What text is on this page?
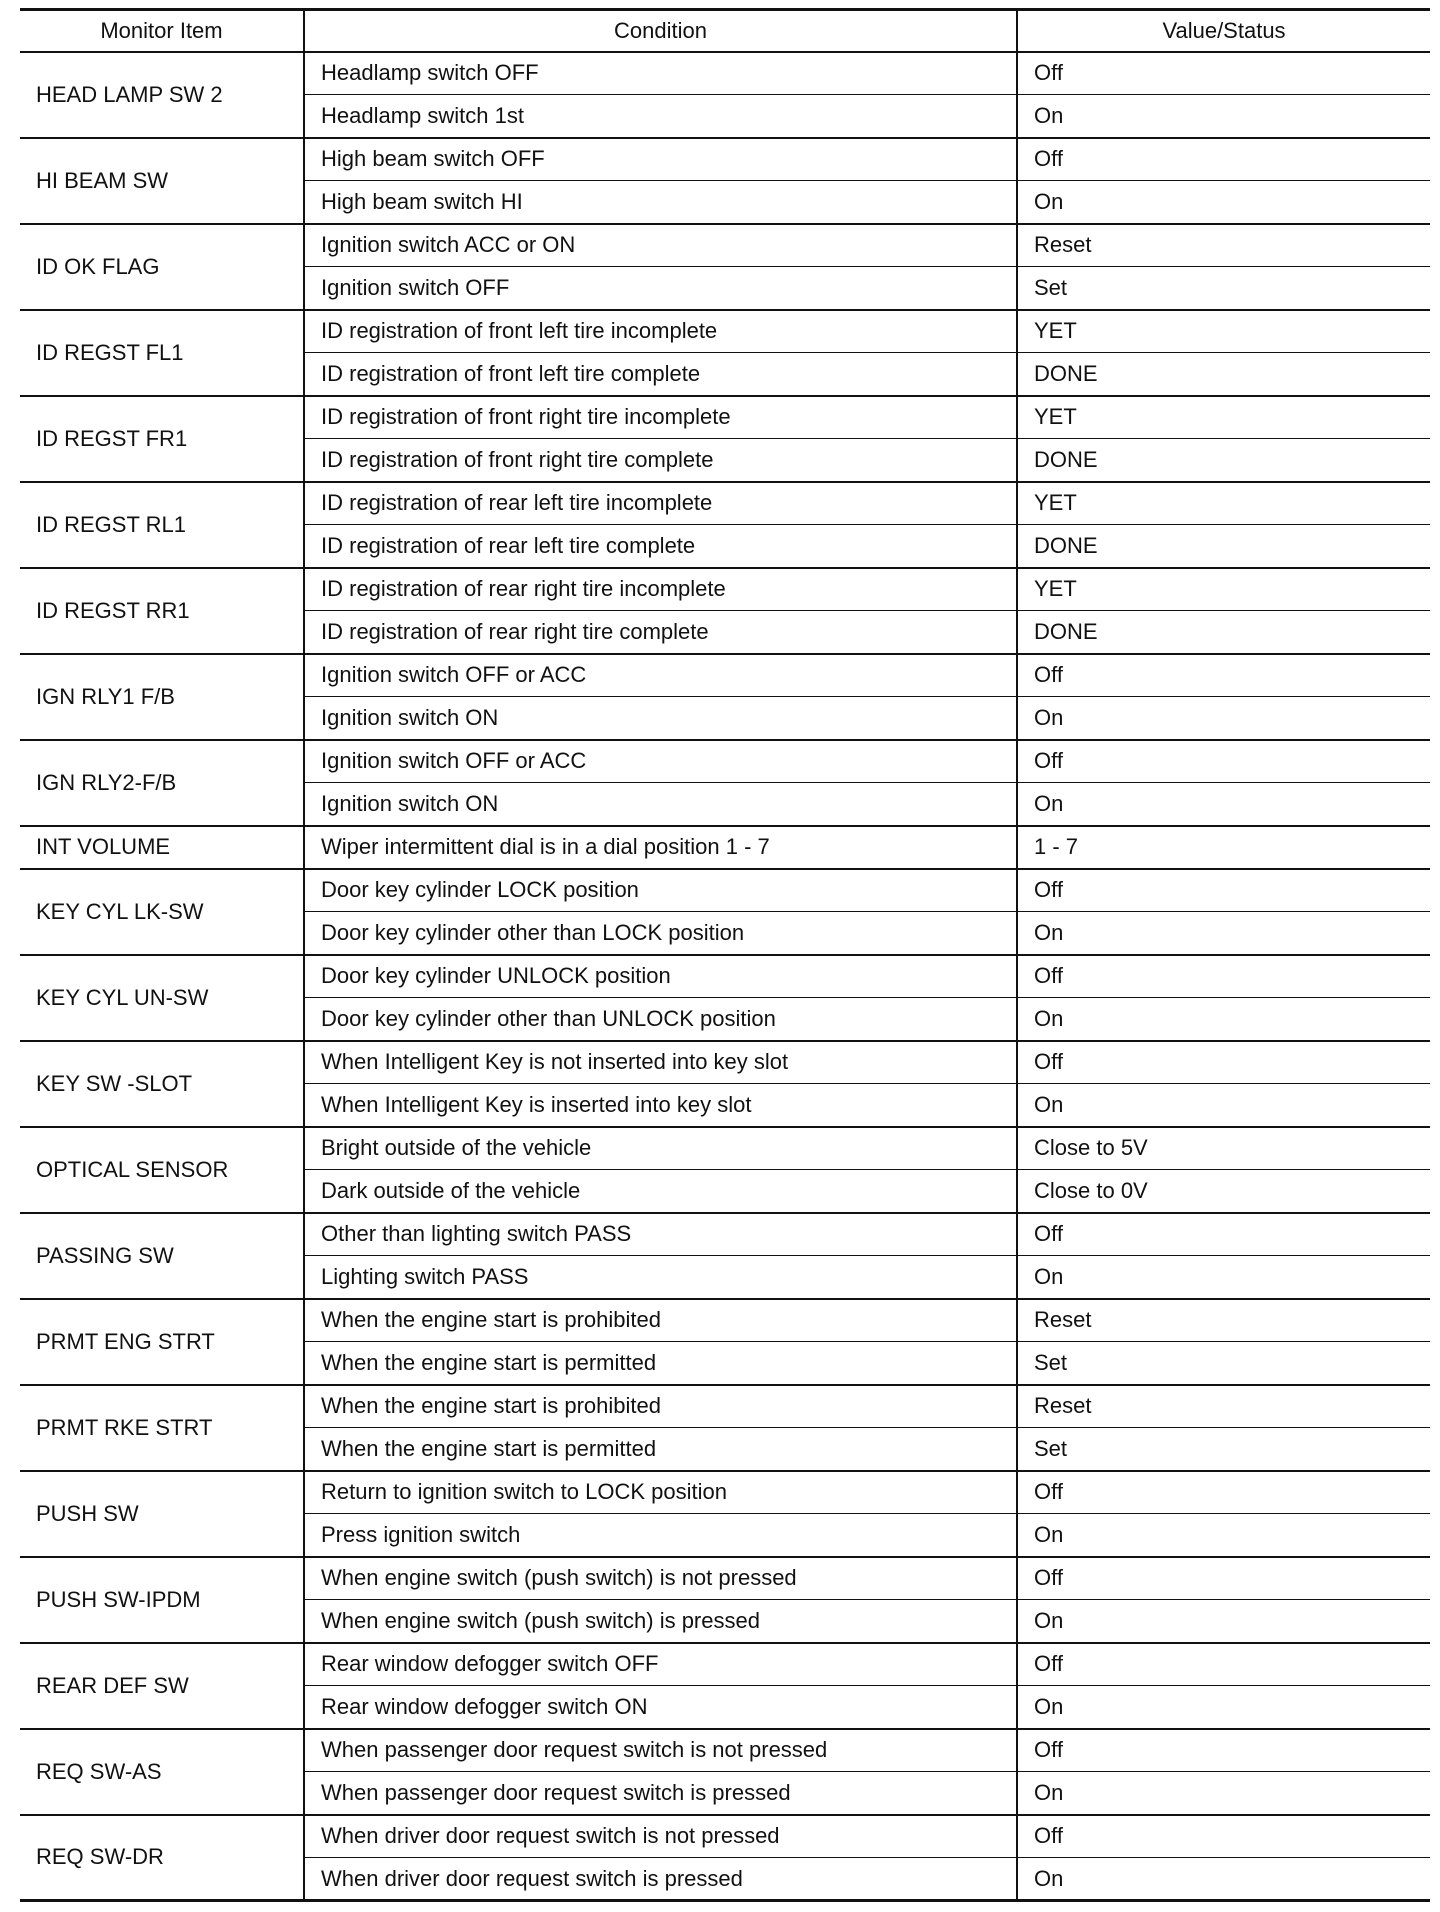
Monitor Item	Condition	Value/Status
HEAD LAMP SW 2	Headlamp switch OFF	Off
	Headlamp switch 1st	On
HI BEAM SW	High beam switch OFF	Off
	High beam switch HI	On
ID OK FLAG	Ignition switch ACC or ON	Reset
	Ignition switch OFF	Set
ID REGST FL1	ID registration of front left tire incomplete	YET
	ID registration of front left tire complete	DONE
ID REGST FR1	ID registration of front right tire incomplete	YET
	ID registration of front right tire complete	DONE
ID REGST RL1	ID registration of rear left tire incomplete	YET
	ID registration of rear left tire complete	DONE
ID REGST RR1	ID registration of rear right tire incomplete	YET
	ID registration of rear right tire complete	DONE
IGN RLY1 F/B	Ignition switch OFF or ACC	Off
	Ignition switch ON	On
IGN RLY2-F/B	Ignition switch OFF or ACC	Off
	Ignition switch ON	On
INT VOLUME	Wiper intermittent dial is in a dial position 1 - 7	1 - 7
KEY CYL LK-SW	Door key cylinder LOCK position	Off
	Door key cylinder other than LOCK position	On
KEY CYL UN-SW	Door key cylinder UNLOCK position	Off
	Door key cylinder other than UNLOCK position	On
KEY SW -SLOT	When Intelligent Key is not inserted into key slot	Off
	When Intelligent Key is inserted into key slot	On
OPTICAL SENSOR	Bright outside of the vehicle	Close to 5V
	Dark outside of the vehicle	Close to 0V
PASSING SW	Other than lighting switch PASS	Off
	Lighting switch PASS	On
PRMT ENG STRT	When the engine start is prohibited	Reset
	When the engine start is permitted	Set
PRMT RKE STRT	When the engine start is prohibited	Reset
	When the engine start is permitted	Set
PUSH SW	Return to ignition switch to LOCK position	Off
	Press ignition switch	On
PUSH SW-IPDM	When engine switch (push switch) is not pressed	Off
	When engine switch (push switch) is pressed	On
REAR DEF SW	Rear window defogger switch OFF	Off
	Rear window defogger switch ON	On
REQ SW-AS	When passenger door request switch is not pressed	Off
	When passenger door request switch is pressed	On
REQ SW-DR	When driver door request switch is not pressed	Off
	When driver door request switch is pressed	On
